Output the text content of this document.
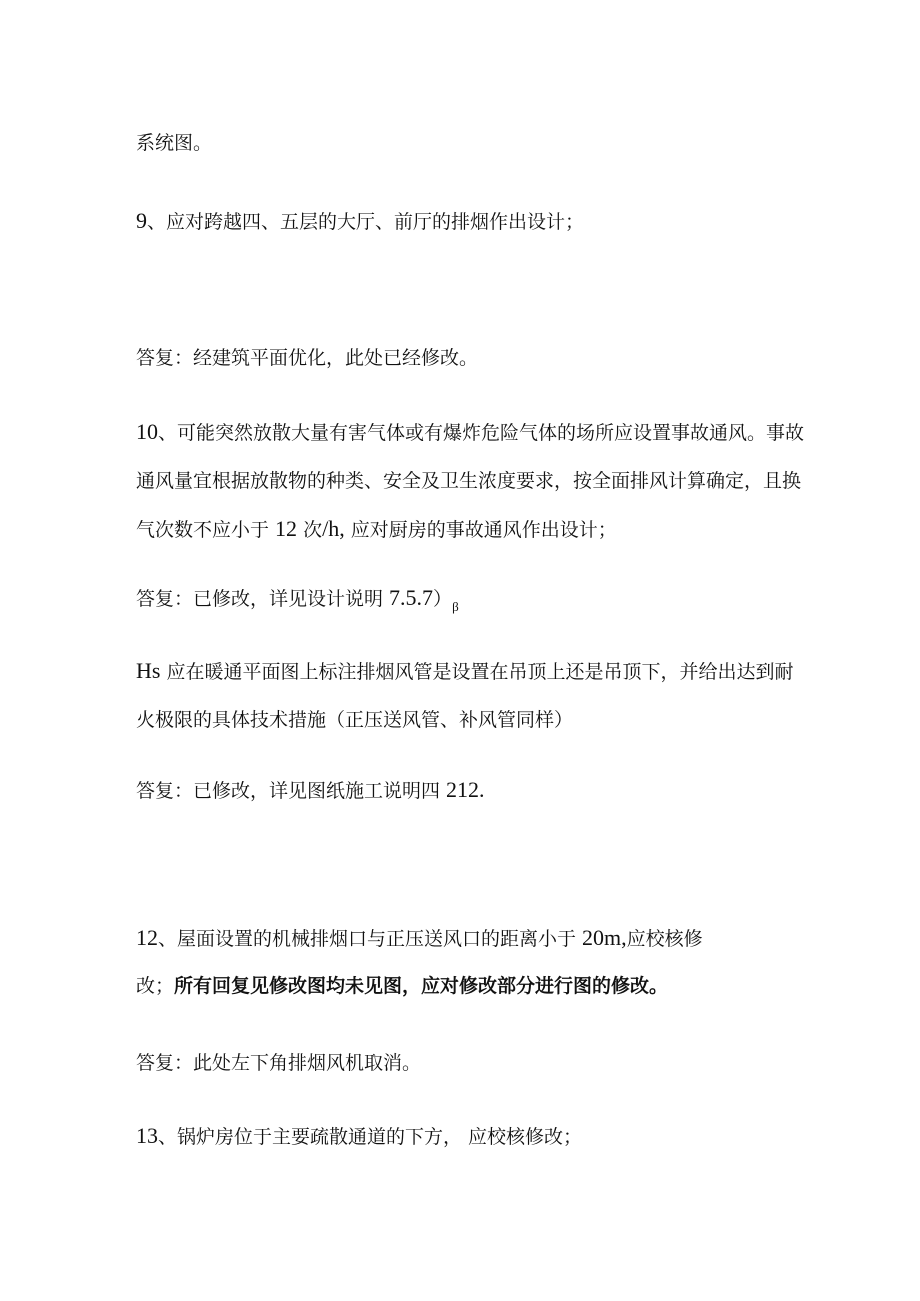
系统图。
9、应对跨越四、五层的大厅、前厅的排烟作出设计；
答复：经建筑平面优化，此处已经修改。
10、可能突然放散大量有害气体或有爆炸危险气体的场所应设置事故通风。事故
通风量宜根据放散物的种类、安全及卫生浓度要求，按全面排风计算确定，且换
气次数不应小于 12 次/h, 应对厨房的事故通风作出设计；
答复：已修改，详见设计说明 $7.5.7)_\beta$
Hs 应在暖通平面图上标注排烟风管是设置在吊顶上还是吊顶下，并给出达到耐
火极限的具体技术措施（正压送风管、补风管同样）
答复：已修改，详见图纸施工说明四 212.
12、屋面设置的机械排烟口与正压送风口的距离小于 20m,应校核修
改；所有回复见修改图均未见图，应对修改部分进行图的修改。
答复：此处左下角排烟风机取消。
13、锅炉房位于主要疏散通道的下方， 应校核修改；
